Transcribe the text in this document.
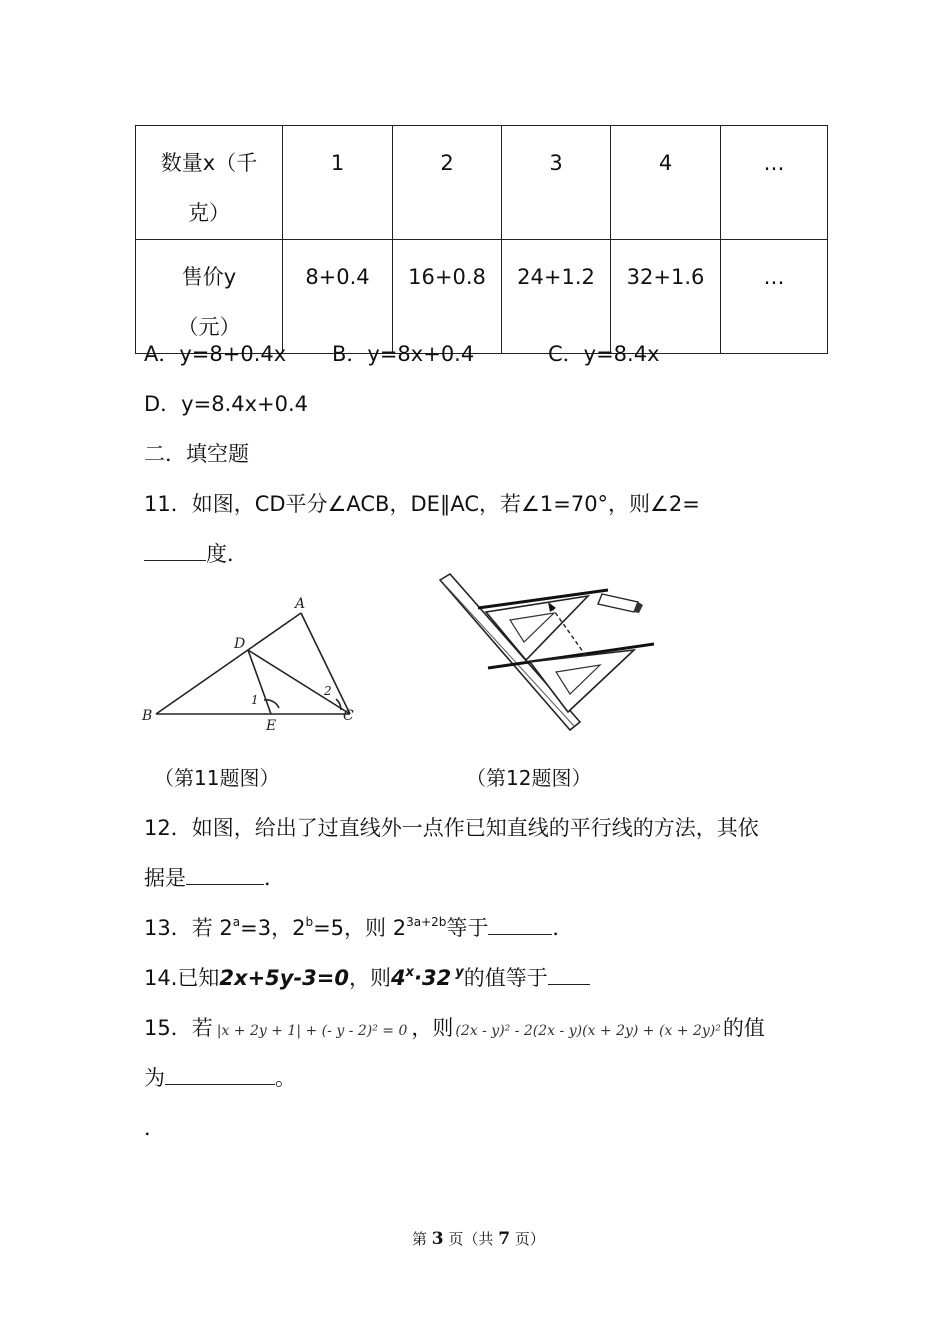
数量x（千
克）	1	2	3	4	…

售价y
（元）	8+0.4	16+0.8	24+1.2	32+1.6	…
A．y=8+0.4x B．y=8x+0.4	C．y=8.4x
D．y=8.4x+0.4
二．填空题
11．如图，CD平分∠ACB，DE∥AC，若∠1=70°，则∠2=
度．
A
B	C
D
E
1
2
（第11题图）	（第12题图）
12．如图，给出了过直线外一点作已知直线的平行线的方法，其依
据是	．
13．若 $2^a=3$，$2^b=5$，则 $2^{3a+2b}$等于	．
14.已知2x+5y-3=0，则$4^x\cdot 32$ $^y$的值等于
15．若 |x + 2y + 1| + (- y - 2)² = 0 ，则 (2x - y)² - 2(2x - y)(x + 2y) + (x + 2y)²的值
为	。
．
第 3 页（共 7 页）
